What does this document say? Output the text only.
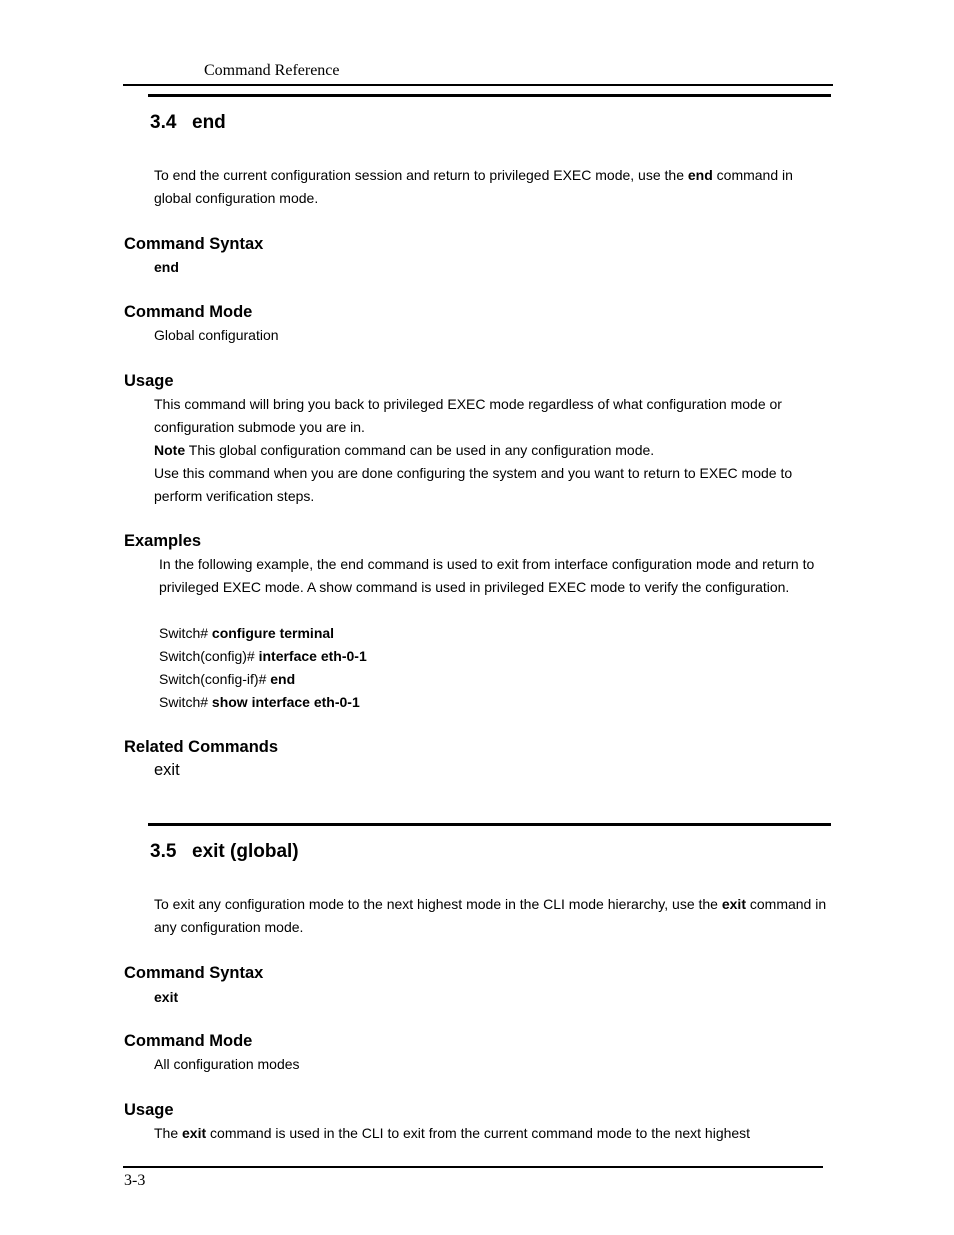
Command Reference
3.4 end
To end the current configuration session and return to privileged EXEC mode, use the end command in global configuration mode.
Command Syntax
end
Command Mode
Global configuration
Usage
This command will bring you back to privileged EXEC mode regardless of what configuration mode or configuration submode you are in.
Note This global configuration command can be used in any configuration mode.
Use this command when you are done configuring the system and you want to return to EXEC mode to perform verification steps.
Examples
In the following example, the end command is used to exit from interface configuration mode and return to privileged EXEC mode. A show command is used in privileged EXEC mode to verify the configuration.
Switch# configure terminal
Switch(config)# interface eth-0-1
Switch(config-if)# end
Switch# show interface eth-0-1
Related Commands
exit
3.5 exit (global)
To exit any configuration mode to the next highest mode in the CLI mode hierarchy, use the exit command in any configuration mode.
Command Syntax
exit
Command Mode
All configuration modes
Usage
The exit command is used in the CLI to exit from the current command mode to the next highest
3-3
